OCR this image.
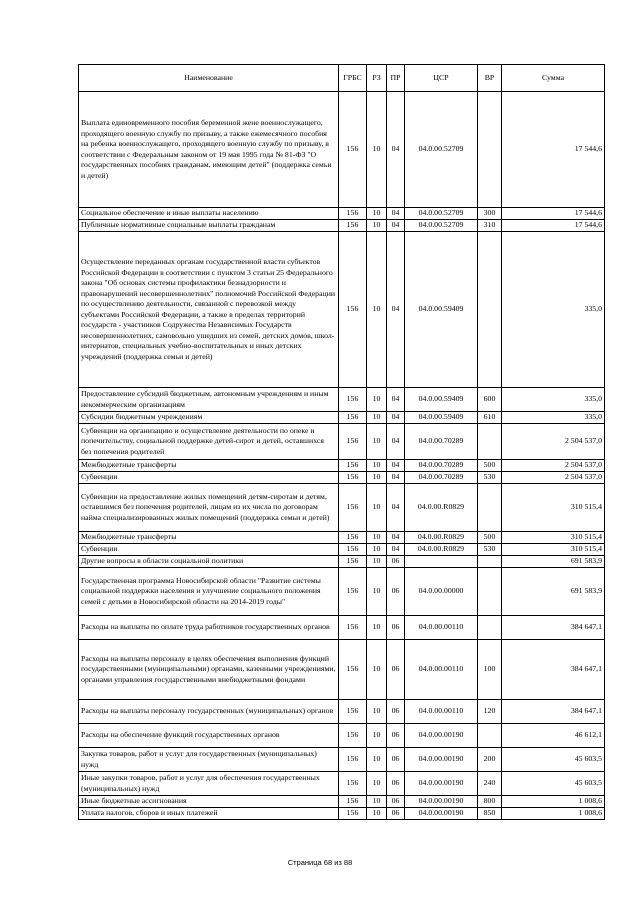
Наименование	ГРБС	РЗ	ПР	ЦСР	ВР	Сумма
Выплата единовременного пособия беременной жене военнослужащего, проходящего военную службу по призыву, а также ежемесячного пособия на ребенка военнослужащего, проходящего военную службу по призыву, в соответствии с Федеральным законом от 19 мая 1995 года № 81-ФЗ "О государственных пособиях гражданам, имеющим детей" (поддержка семьи и детей)	156	10	04	04.0.00.52709		17 544,6
Социальное обеспечение и иные выплаты населению	156	10	04	04.0.00.52709	300	17 544,6
Публичные нормативные социальные выплаты гражданам	156	10	04	04.0.00.52709	310	17 544,6
Осуществление переданных органам государственной власти субъектов Российской Федерации в соответствии с пунктом 3 статьи 25 Федерального закона "Об основах системы профилактики безнадзорности и правонарушений несовершеннолетних" полномочий Российской Федерации по осуществлению деятельности, связанной с перевозкой между субъектами Российской Федерации, а также в пределах территорий государств - участников Содружества Независимых Государств несовершеннолетних, самовольно ушедших из семей, детских домов, школ-интернатов, специальных учебно-воспитательных и иных детских учреждений (поддержка семьи и детей)	156	10	04	04.0.00.59409		335,0
Предоставление субсидий бюджетным, автономным учреждениям и иным некоммерческим организациям	156	10	04	04.0.00.59409	600	335,0
Субсидии бюджетным учреждениям	156	10	04	04.0.00.59409	610	335,0
Субвенции на организацию и осуществление деятельности по опеке и попечительству, социальной поддержке детей-сирот и детей, оставшихся без попечения родителей	156	10	04	04.0.00.70289		2 504 537,0
Межбюджетные трансферты	156	10	04	04.0.00.70289	500	2 504 537,0
Субвенции	156	10	04	04.0.00.70289	530	2 504 537,0
Субвенции на предоставление жилых помещений детям-сиротам и детям, оставшимся без попечения родителей, лицам из их числа по договорам найма специализированных жилых помещений (поддержка семьи и детей)	156	10	04	04.0.00.R0829		310 515,4
Межбюджетные трансферты	156	10	04	04.0.00.R0829	500	310 515,4
Субвенции	156	10	04	04.0.00.R0829	530	310 515,4
Другие вопросы в области социальной политики	156	10	06			691 583,9
Государственная программа Новосибирской области "Развитие системы социальной поддержки населения и улучшение социального положения семей с детьми в Новосибирской области на 2014-2019 годы"	156	10	06	04.0.00.00000		691 583,9
Расходы на выплаты по оплате труда работников государственных органов	156	10	06	04.0.00.00110		384 647,1
Расходы на выплаты персоналу в целях обеспечения выполнения функций государственными (муниципальными) органами, казенными учреждениями, органами управления государственными внебюджетными фондами	156	10	06	04.0.00.00110	100	384 647,1
Расходы на выплаты персоналу государственных (муниципальных) органов	156	10	06	04.0.00.00110	120	384 647,1
Расходы на обеспечение функций государственных органов	156	10	06	04.0.00.00190		46 612,1
Закупка товаров, работ и услуг для государственных (муниципальных) нужд	156	10	06	04.0.00.00190	200	45 603,5
Иные закупки товаров, работ и услуг для обеспечения государственных (муниципальных) нужд	156	10	06	04.0.00.00190	240	45 603,5
Иные бюджетные ассигнования	156	10	06	04.0.00.00190	800	1 008,6
Уплата налогов, сборов и иных платежей	156	10	06	04.0.00.00190	850	1 008,6
Страница 68 из 88
